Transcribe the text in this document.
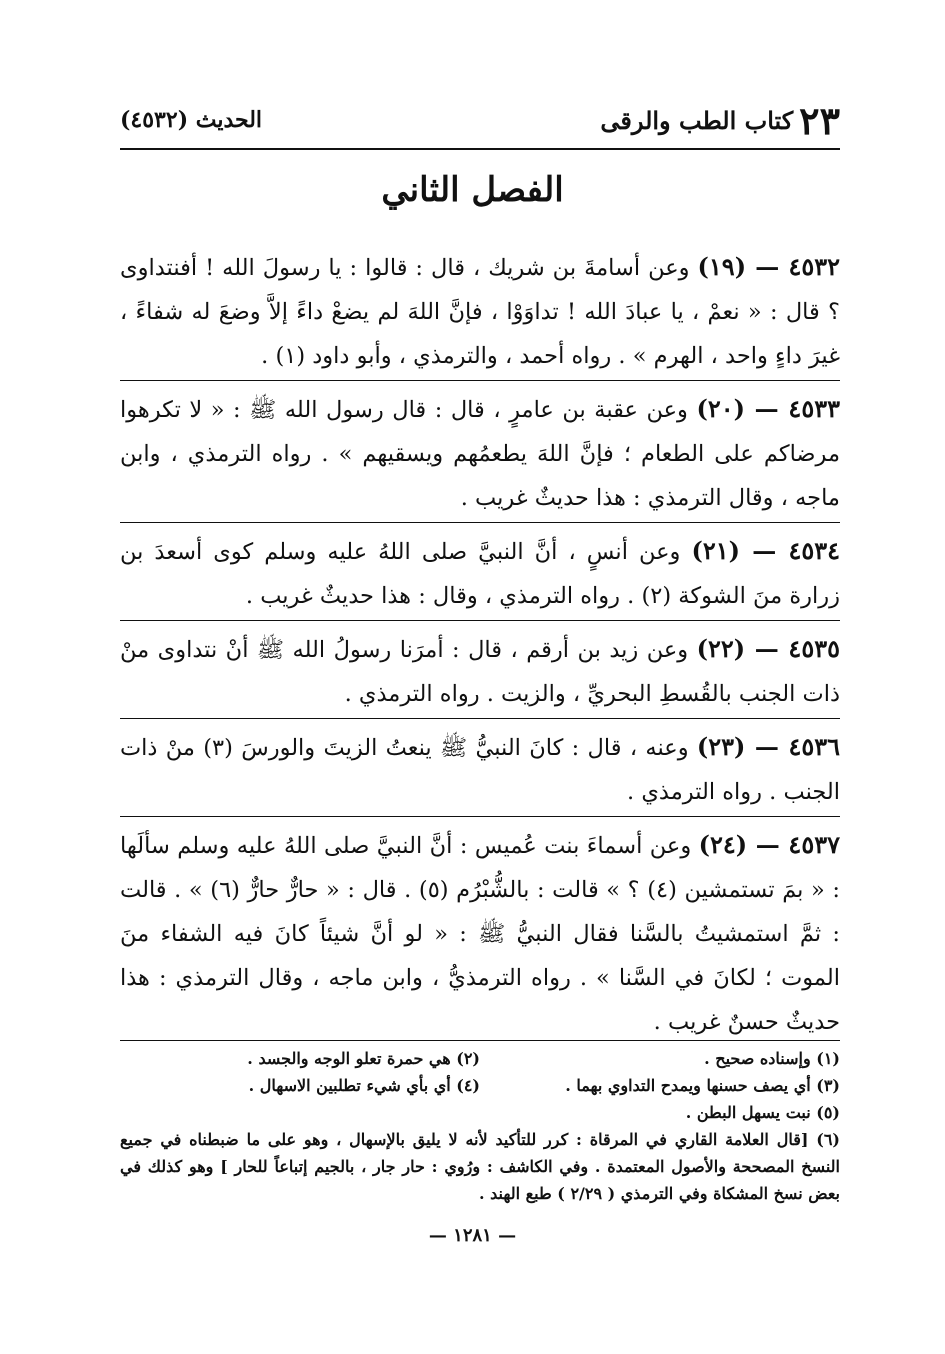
٢٣
كتاب الطب والرقى
الحديث (٤٥٣٢)
الفصل الثاني

٤٥٣٢ — (١٩) وعن أسامةَ بن شريك ، قال : قالوا : يا رسولَ الله ! أفنتداوى ؟ قال : « نعمْ ، يا عبادَ الله ! تداوَوْا ، فإنَّ اللهَ لم يضعْ داءً إلاَّ وضعَ له شفاءً ، غيرَ داءٍ واحد ، الهرم » . رواه أحمد ، والترمذي ، وأبو داود (١) .

٤٥٣٣ — (٢٠) وعن عقبة بن عامرٍ ، قال : قال رسول الله ﷺ : « لا تكرهوا مرضاكم على الطعام ؛ فإنَّ اللهَ يطعمُهم ويسقيهم » . رواه الترمذي ، وابن ماجه ، وقال الترمذي : هذا حديثٌ غريب .

٤٥٣٤ — (٢١) وعن أنسٍ ، أنَّ النبيَّ صلى اللهُ عليه وسلم كوى أسعدَ بن زرارة منَ الشوكة (٢) . رواه الترمذي ، وقال : هذا حديثٌ غريب .

٤٥٣٥ — (٢٢) وعن زيد بن أرقم ، قال : أمرَنا رسولُ الله ﷺ أنْ نتداوى منْ ذات الجنب بالقُسطِ البحريِّ ، والزيت . رواه الترمذي .

٤٥٣٦ — (٢٣) وعنه ، قال : كانَ النبيُّ ﷺ ينعتُ الزيتَ والورسَ (٣) منْ ذات الجنب . رواه الترمذي .

٤٥٣٧ — (٢٤) وعن أسماءَ بنت عُميس : أنَّ النبيَّ صلى اللهُ عليه وسلم سألَها : « بمَ تستمشين (٤) ؟ » قالت : بالشُّبْرُم (٥) . قال : « حارٌّ حارٌّ (٦) » . قالت : ثمَّ استمشيتُ بالسَّنا فقال النبيُّ ﷺ : « لو أنَّ شيئاً كانَ فيه الشفاء منَ الموت ؛ لكانَ في السَّنا » . رواه الترمذيُّ ، وابن ماجه ، وقال الترمذي : هذا حديثٌ حسنٌ غريب .

(١) وإسناده صحيح .
(٢) هي حمرة تعلو الوجه والجسد .
(٣) أي يصف حسنها ويمدح التداوي بهما .
(٤) أي بأي شيء تطلبين الاسهال .
(٥) نبت يسهل البطن .
(٦) [قال العلامة القاري في المرقاة : كرر للتأكيد لأنه لا يليق بالإسهال ، وهو على ما ضبطناه في جميع النسخ المصححة والأصول المعتمدة . وفي الكاشف : ورُوي : حار جار ، بالجيم إتباعاً للحار ] وهو كذلك في بعض نسخ المشكاة وفي الترمذي ( ٢/٢٩ ) طبع الهند .
— ١٢٨١ —
